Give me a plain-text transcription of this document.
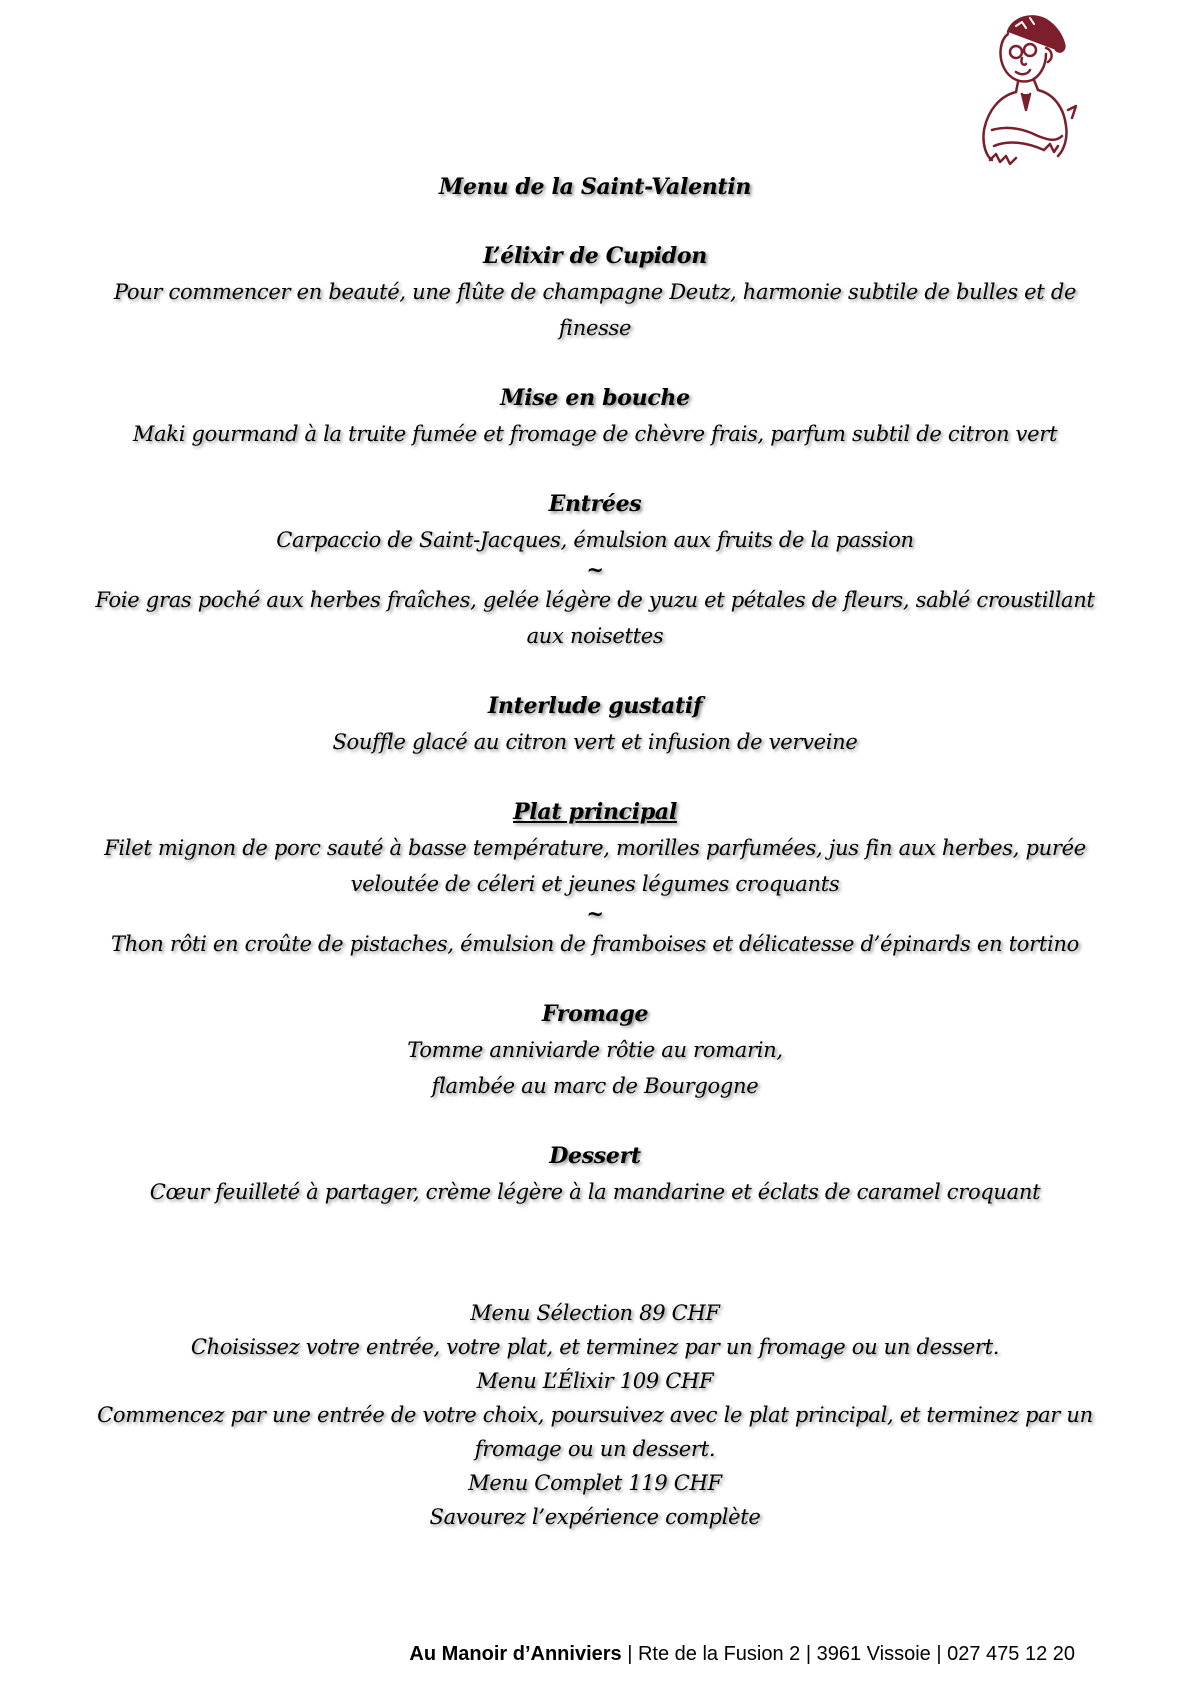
Menu de la Saint-Valentin

L’élixir de Cupidon

Pour commencer en beauté, une flûte de champagne Deutz, harmonie subtile de bulles et de finesse

Mise en bouche

Maki gourmand à la truite fumée et fromage de chèvre frais, parfum subtil de citron vert

Entrées

Carpaccio de Saint-Jacques, émulsion aux fruits de la passion

~

Foie gras poché aux herbes fraîches, gelée légère de yuzu et pétales de fleurs, sablé croustillant aux noisettes

Interlude gustatif

Souffle glacé au citron vert et infusion de verveine

Plat principal

Filet mignon de porc sauté à basse température, morilles parfumées, jus fin aux herbes, purée veloutée de céleri et jeunes légumes croquants

~

Thon rôti en croûte de pistaches, émulsion de framboises et délicatesse d’épinards en tortino

Fromage

Tomme anniviarde rôtie au romarin,

flambée au marc de Bourgogne

Dessert

Cœur feuilleté à partager, crème légère à la mandarine et éclats de caramel croquant

Menu Sélection 89 CHF

Choisissez votre entrée, votre plat, et terminez par un fromage ou un dessert.

Menu L’Élixir 109 CHF

Commencez par une entrée de votre choix, poursuivez avec le plat principal, et terminez par un fromage ou un dessert.

Menu Complet 119 CHF

Savourez l’expérience complète

Au Manoir d’Anniviers | Rte de la Fusion 2 | 3961 Vissoie | 027 475 12 20
